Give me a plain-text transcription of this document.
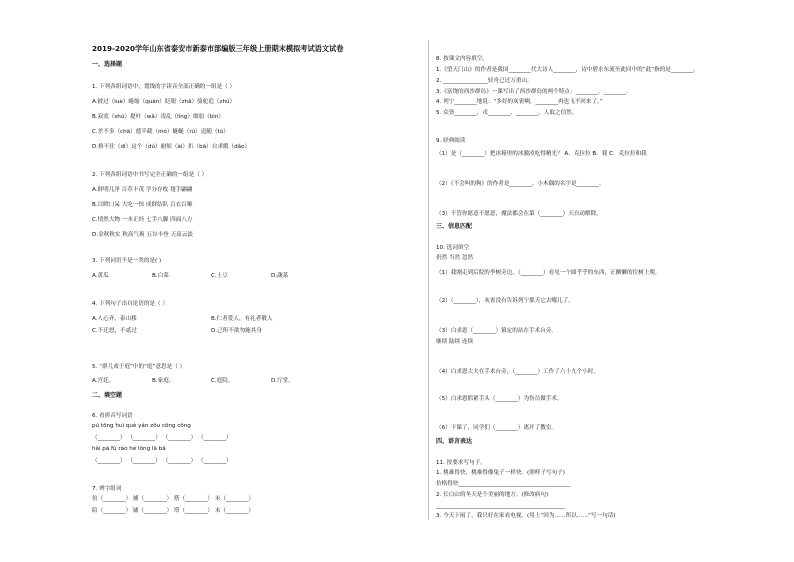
2019-2020学年山东省泰安市新泰市部编版三年级上册期末模拟考试语文试卷
一、选择题
1. 下列各组词语中，划线的字读音全部正确的一组是（ ）
A.披过（luè）蜷缩（quán）眨眼（zhǎ）骆驼追（zhú）
B.寂寞（shú）提叶（wǎ）凌乱（líng）细弱（bìn）
C.差不多（chā）德半截（mó）蜒蜒（rú）追随（tú）
D.格不住（dí）这个（dú）耐烦（ài）扒（bā）自求暇（dǎo）
2. 下列各组词语中书写完全正确的一组是（ ）
A.群明几净 百草丰茂 学分存枚 翅手翩翩
B.目瞪口呆 大吃一惊 成群结队 百衣百顺
C.情然大物 一本正经 七手八脚 四面八方
D.金秋秋实 秋高气爽 五谷丰登 天高云淡
3. 下列词语不是一类的是( )
A.黄瓜	B.白菜	C.土豆	D.蔬菜
4. 下列句子出自论语的是（ ）
A.人心齐，泰山移	B.仁者爱人，有礼者敬人
C.不迁怒，不贰过	D.己所不欲勿施其身
5. “群儿戏于庭”中的“庭”意思是（ ）
A.宫廷。	B.家庭。	C.庭院。	D.厅堂。
二、填空题
6. 看拼音写词语
pú tōng huì què yán zōu cōng cōng
（________） （________） （________） （________）
hài pà fù rào hé lǒng lā bā
（________） （________） （________） （________）
7. 辨字组词
倍（________） 捕（________） 搭（________） 末（________）
陪（________） 铺（________） 塔（________） 未（________）
8. 按课文内容填空。
1.《望天门山》的作者是我国________代大诗人________，诗中碧水东流至此回中的“此”指的是________。
2. ________________轻舟已过万重山。
3.《富饶的西沙群岛》一课写出了西沙群岛的两个特点：________，________。
4. 列宁________地说：“多好的灰雀啊，________再也飞不回来了。”
5. 众皆________，戎________，________，人取之信然。
9. 经典阅读
（1）是（________）把冰箱里的冰激凌吃得精光？ A．克拉拉 B．我 C．克拉拉和我
（2）《不会叫的狗》的作者是________，小木偶的名字是________。
（3）不管你愿意不愿意，魔法都会在第（________）天自动解除。
三、信息匹配
10. 选词填空
仍然 当然 忽然
（1）我刚走到后院的李树旁边，（________）看见一个圆乎乎的东西，正撅懒的往树上爬。
（2）（________），灰雀没有告诉列宁那天它去哪儿了。
（3）白求恩（________）镇定的站在手术台旁。
继续 陆续 连续
（4）白求恩大夫在手术台旁，（________）工作了六十九个小时。
（5）白求恩抓紧手头（________）为伤员做手术。
（6）下课了，同学们（________）离开了教室。
四、语言表达
11. 按要求写句子。
1. 桃难得快，桃难得像兔子一样快。(照样子写句子)
仿格得快________________________________________
2. 长白山的冬天是个美丽的地方。(修改病句)
______________________________________________
3. 今天下雨了，我只好在家看电视。(用上“因为……所以……”写一句话)
